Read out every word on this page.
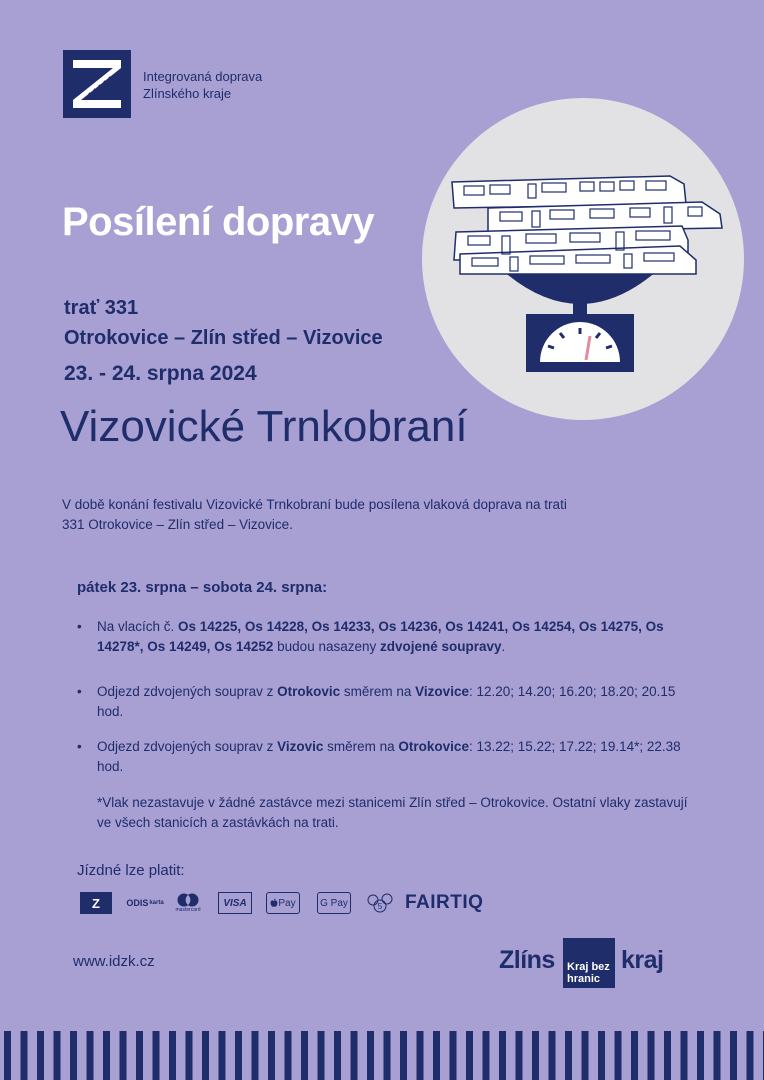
Integrovaná doprava
Zlínského kraje
Posílení dopravy
trať 331
Otrokovice – Zlín střed – Vizovice
23. - 24. srpna 2024
Vizovické Trnkobraní
V době konání festivalu Vizovické Trnkobraní bude posílena vlaková doprava na trati 331 Otrokovice – Zlín střed – Vizovice.
pátek 23. srpna – sobota 24. srpna:
• Na vlacích č. Os 14225, Os 14228, Os 14233, Os 14236, Os 14241, Os 14254, Os 14275, Os 14278*, Os 14249, Os 14252 budou nasazeny zdvojené soupravy.
• Odjezd zdvojených souprav z Otrokovic směrem na Vizovice: 12.20; 14.20; 16.20; 18.20; 20.15 hod.
• Odjezd zdvojených souprav z Vizovic směrem na Otrokovice: 13.22; 15.22; 17.22; 19.14*; 22.38 hod.
*Vlak nezastavuje v žádné zastávce mezi stanicemi Zlín střed – Otrokovice. Ostatní vlaky zastavují ve všech stanicích a zastávkách na trati.
Jízdné lze platit:
Z	ODIS karta
mastercard
VISA	Pay	G Pay	5 FAIRTIQ
www.idzk.cz	Zlíns Kraj bez
hranic
kraj
